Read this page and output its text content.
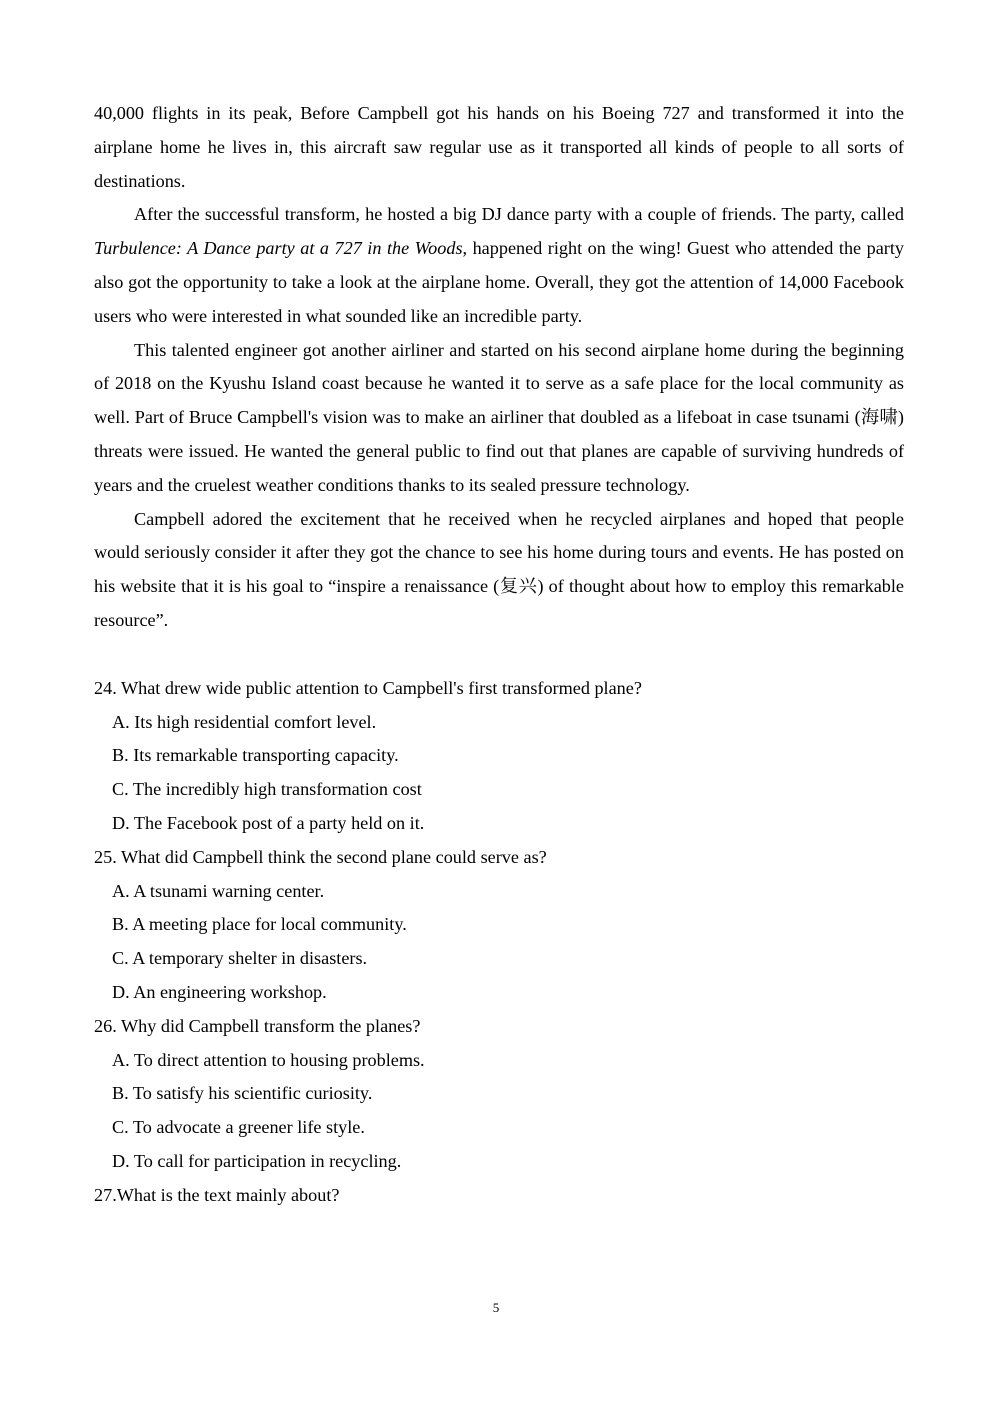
40,000 flights in its peak, Before Campbell got his hands on his Boeing 727 and transformed it into the airplane home he lives in, this aircraft saw regular use as it transported all kinds of people to all sorts of destinations.

After the successful transform, he hosted a big DJ dance party with a couple of friends. The party, called Turbulence: A Dance party at a 727 in the Woods, happened right on the wing! Guest who attended the party also got the opportunity to take a look at the airplane home. Overall, they got the attention of 14,000 Facebook users who were interested in what sounded like an incredible party.

This talented engineer got another airliner and started on his second airplane home during the beginning of 2018 on the Kyushu Island coast because he wanted it to serve as a safe place for the local community as well. Part of Bruce Campbell's vision was to make an airliner that doubled as a lifeboat in case tsunami (海啸) threats were issued. He wanted the general public to find out that planes are capable of surviving hundreds of years and the cruelest weather conditions thanks to its sealed pressure technology.

Campbell adored the excitement that he received when he recycled airplanes and hoped that people would seriously consider it after they got the chance to see his home during tours and events. He has posted on his website that it is his goal to “inspire a renaissance (复兴) of thought about how to employ this remarkable resource”.

24. What drew wide public attention to Campbell's first transformed plane?

A. Its high residential comfort level.

B. Its remarkable transporting capacity.

C. The incredibly high transformation cost

D. The Facebook post of a party held on it.

25. What did Campbell think the second plane could serve as?

A. A tsunami warning center.

B. A meeting place for local community.

C. A temporary shelter in disasters.

D. An engineering workshop.

26. Why did Campbell transform the planes?

A. To direct attention to housing problems.

B. To satisfy his scientific curiosity.

C. To advocate a greener life style.

D. To call for participation in recycling.

27.What is the text mainly about?

5
